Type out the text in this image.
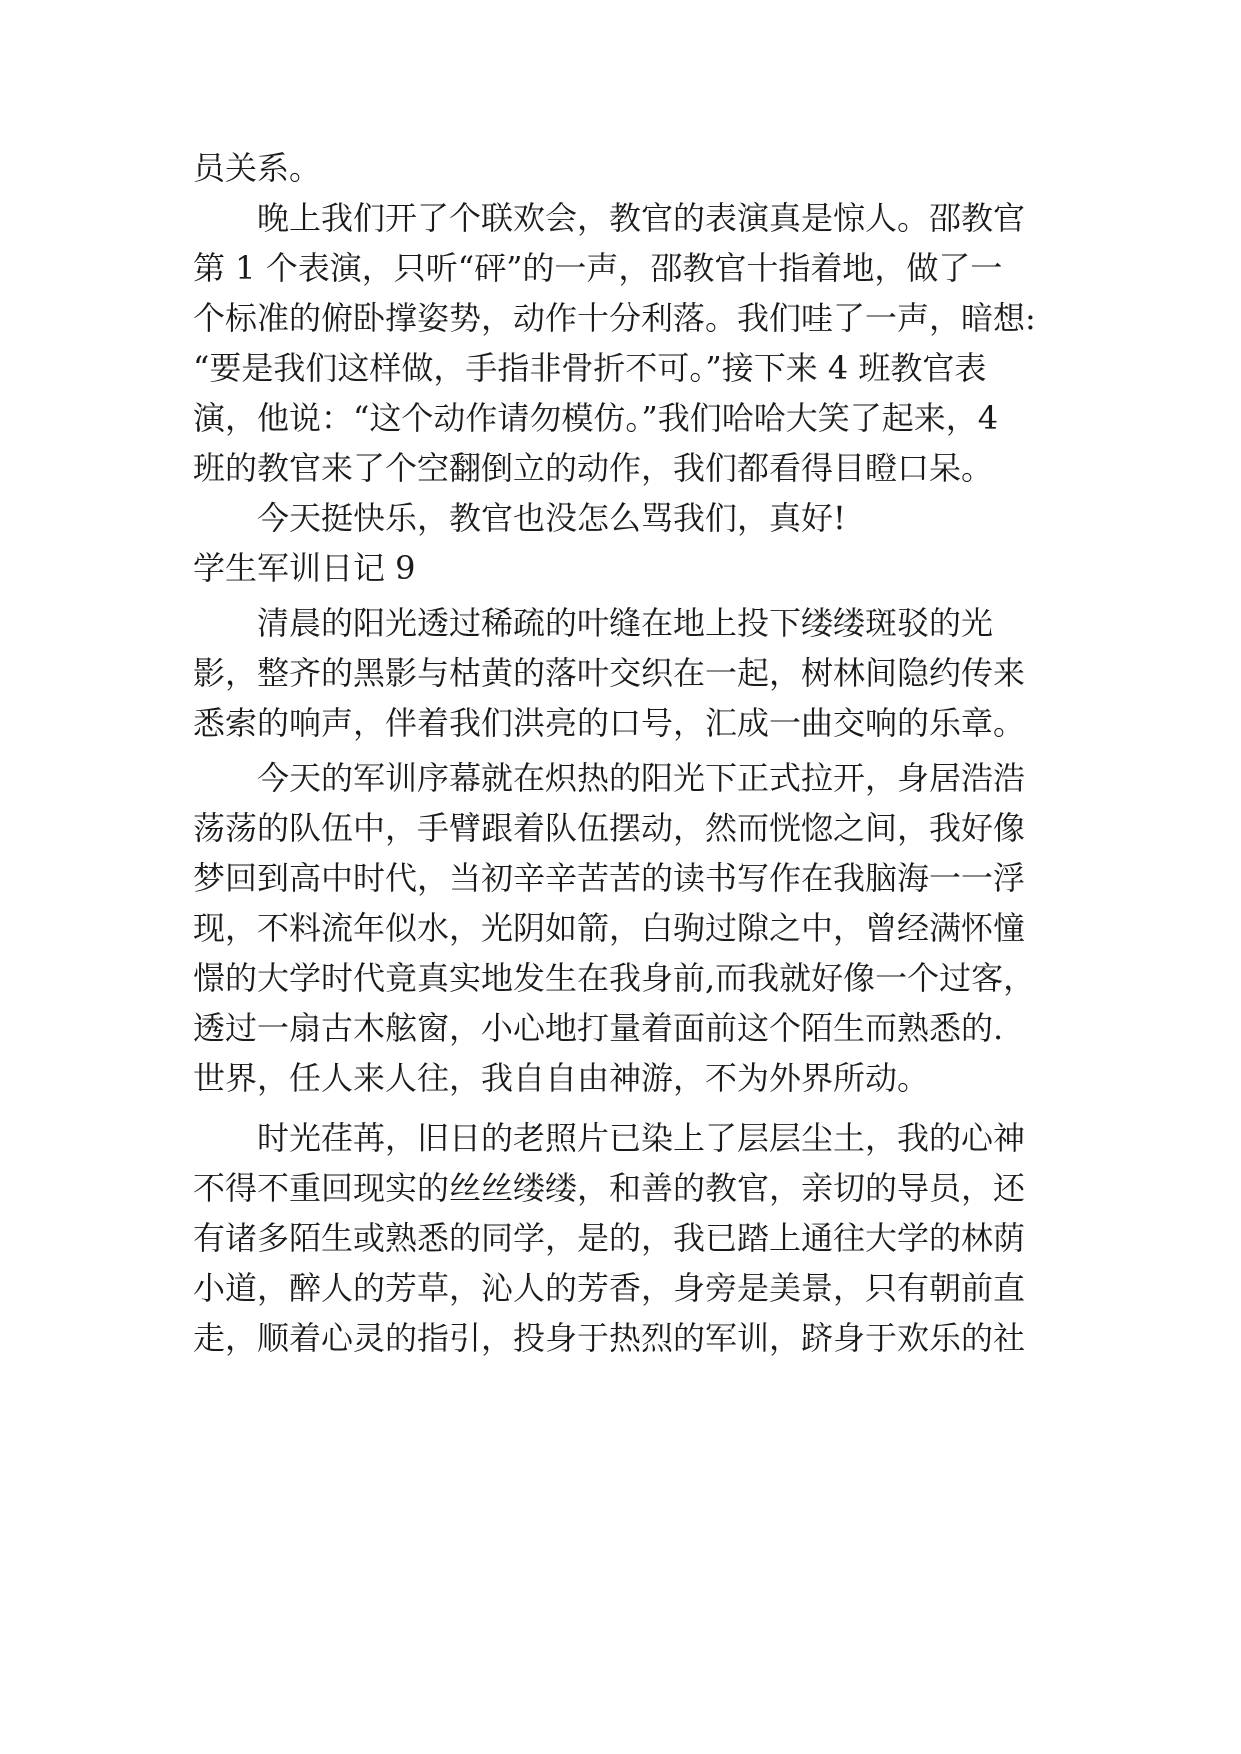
员关系。
晚上我们开了个联欢会，教官的表演真是惊人。邵教官
第 1 个表演，只听“砰”的一声，邵教官十指着地，做了一
个标准的俯卧撑姿势，动作十分利落。我们哇了一声，暗想:
“要是我们这样做，手指非骨折不可。”接下来 4 班教官表
演，他说：“这个动作请勿模仿。”我们哈哈大笑了起来，4
班的教官来了个空翻倒立的动作，我们都看得目瞪口呆。
今天挺快乐，教官也没怎么骂我们，真好!
学生军训日记 9
清晨的阳光透过稀疏的叶缝在地上投下缕缕斑驳的光
影，整齐的黑影与枯黄的落叶交织在一起，树林间隐约传来
悉索的响声，伴着我们洪亮的口号，汇成一曲交响的乐章。
今天的军训序幕就在炽热的阳光下正式拉开，身居浩浩
荡荡的队伍中，手臂跟着队伍摆动，然而恍惚之间，我好像
梦回到高中时代，当初辛辛苦苦的读书写作在我脑海一一浮
现，不料流年似水，光阴如箭，白驹过隙之中，曾经满怀憧
憬的大学时代竟真实地发生在我身前,而我就好像一个过客，
透过一扇古木舷窗，小心地打量着面前这个陌生而熟悉的.
世界，任人来人往，我自自由神游，不为外界所动。
时光荏苒，旧日的老照片已染上了层层尘土，我的心神
不得不重回现实的丝丝缕缕，和善的教官，亲切的导员，还
有诸多陌生或熟悉的同学，是的，我已踏上通往大学的林荫
小道，醉人的芳草，沁人的芳香，身旁是美景，只有朝前直
走，顺着心灵的指引，投身于热烈的军训，跻身于欢乐的社
